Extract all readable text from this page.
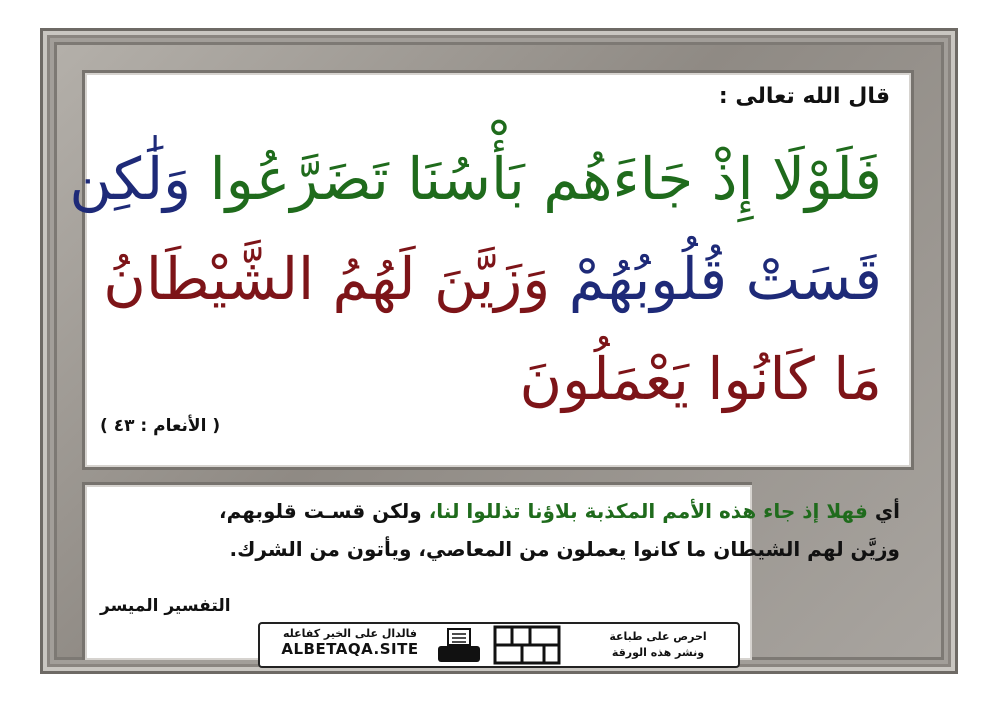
قال الله تعالى :
فَلَوْلَا إِذْ جَاءَهُم بَأْسُنَا تَضَرَّعُوا وَلَٰكِن
قَسَتْ قُلُوبُهُمْ وَزَيَّنَ لَهُمُ الشَّيْطَانُ
مَا كَانُوا يَعْمَلُونَ
( الأنعام : ٤٣ )
أي فهلا إذ جاء هذه الأمم المكذبة بلاؤنا تذللوا لنا، ولكن قسـت قلوبهم،
وزيَّن لهم الشيطان ما كانوا يعملون من المعاصي، ويأتون من الشرك.
التفسير الميسر
فالدال على الخير كفاعله
ALBETAQA.SITE
احرص على طباعة
ونشر هذه الورقة
